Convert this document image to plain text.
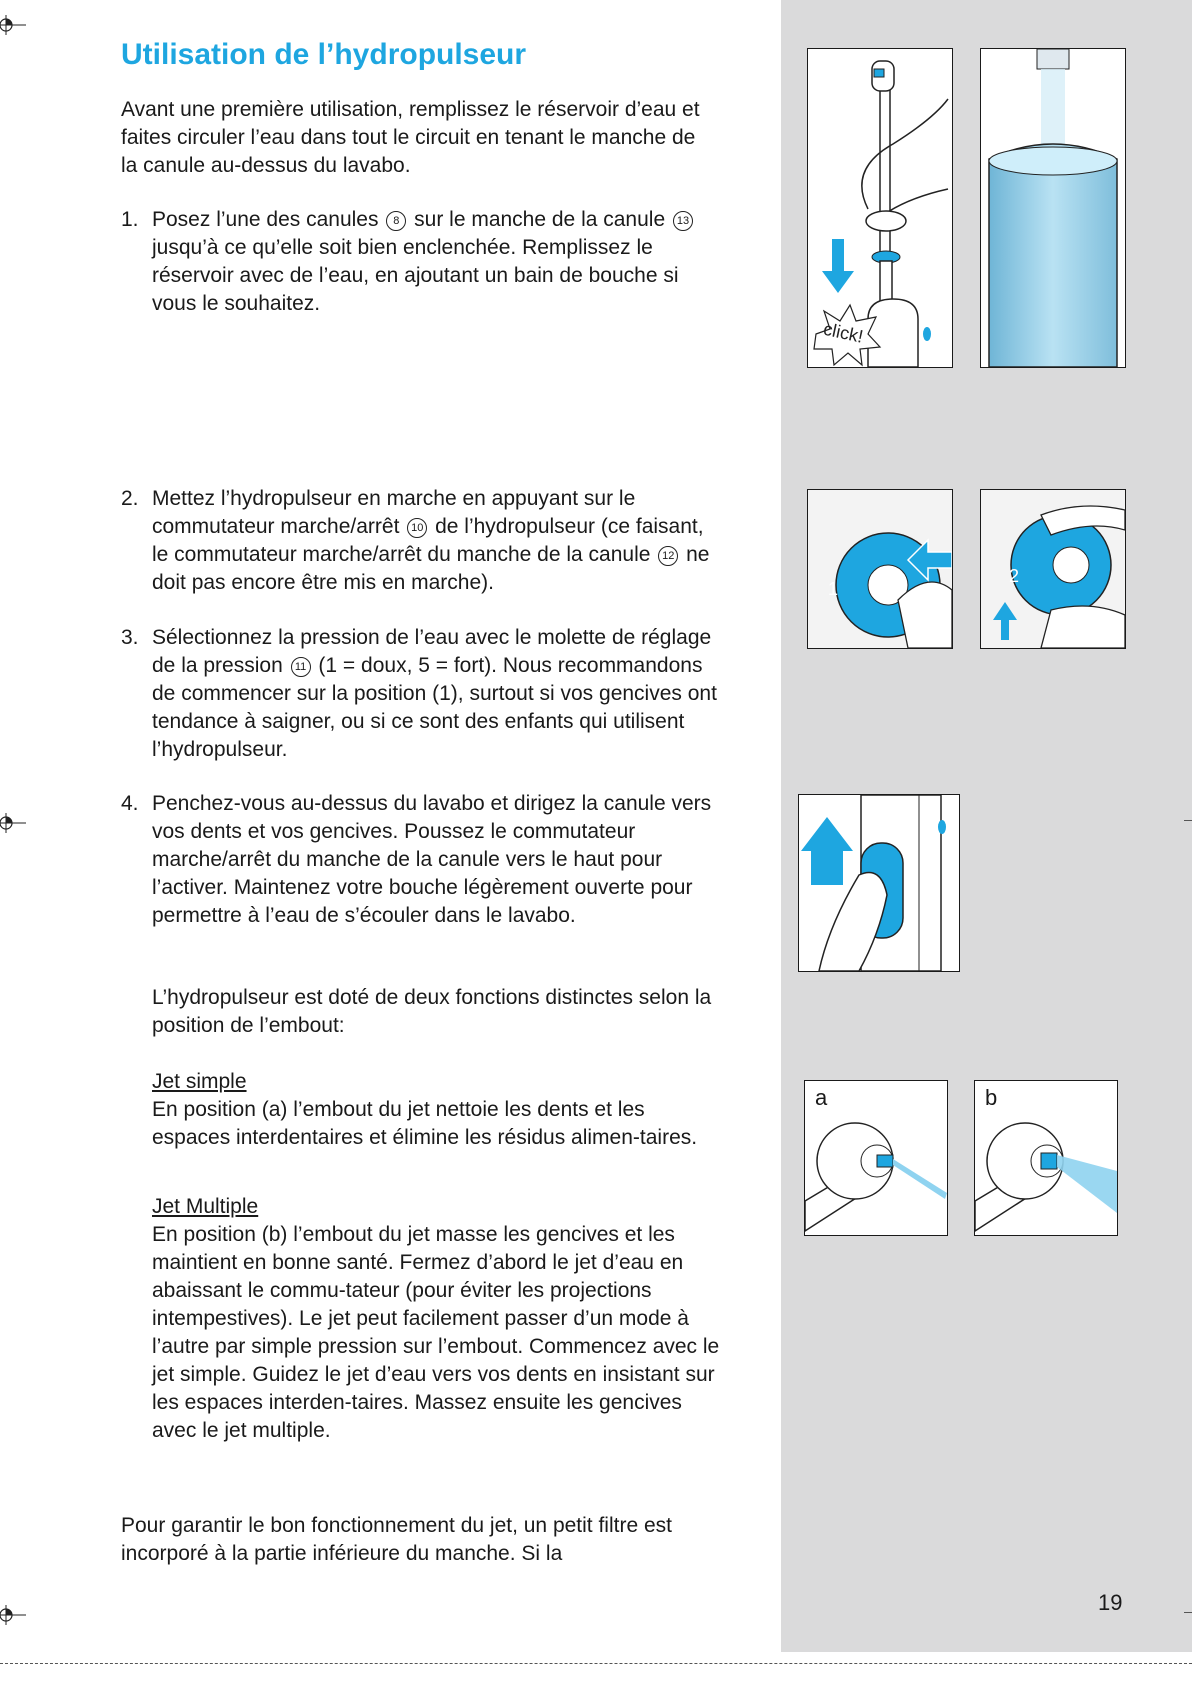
Utilisation de l’hydropulseur

Avant une première utilisation, remplissez le réservoir d’eau et faites circuler l’eau dans tout le circuit en tenant le manche de la canule au-dessus du lavabo.

1. Posez l’une des canules 8 sur le manche de la canule 13 jusqu’à ce qu’elle soit bien enclenchée. Remplissez le réservoir avec de l’eau, en ajoutant un bain de bouche si vous le souhaitez.
2. Mettez l’hydropulseur en marche en appuyant sur le commutateur marche/arrêt 10 de l’hydropulseur (ce faisant, le commutateur marche/arrêt du manche de la canule 12 ne doit pas encore être mis en marche).
3. Sélectionnez la pression de l’eau avec le molette de réglage de la pression 11 (1 = doux, 5 = fort). Nous recommandons de commencer sur la position (1), surtout si vos gencives ont tendance à saigner, ou si ce sont des enfants qui utilisent l’hydropulseur.
4. Penchez-vous au-dessus du lavabo et dirigez la canule vers vos dents et vos gencives. Poussez le commutateur marche/arrêt du manche de la canule vers le haut pour l’activer. Maintenez votre bouche légèrement ouverte pour permettre à l’eau de s’écouler dans le lavabo.
L’hydropulseur est doté de deux fonctions distinctes selon la position de l’embout:
Jet simple
En position (a) l’embout du jet nettoie les dents et les espaces interdentaires et élimine les résidus alimen-taires.
Jet Multiple
En position (b) l’embout du jet masse les gencives et les maintient en bonne santé. Fermez d’abord le jet d’eau en abaissant le commu-tateur (pour éviter les projections intempestives). Le jet peut facilement passer d’un mode à l’autre par simple pression sur l’embout. Commencez avec le jet simple. Guidez le jet d’eau vers vos dents en insistant sur les espaces interden-taires. Massez ensuite les gencives avec le jet multiple.

Pour garantir le bon fonctionnement du jet, un petit filtre est incorporé à la partie inférieure du manche. Si la

click!
1
2
a	b
19
